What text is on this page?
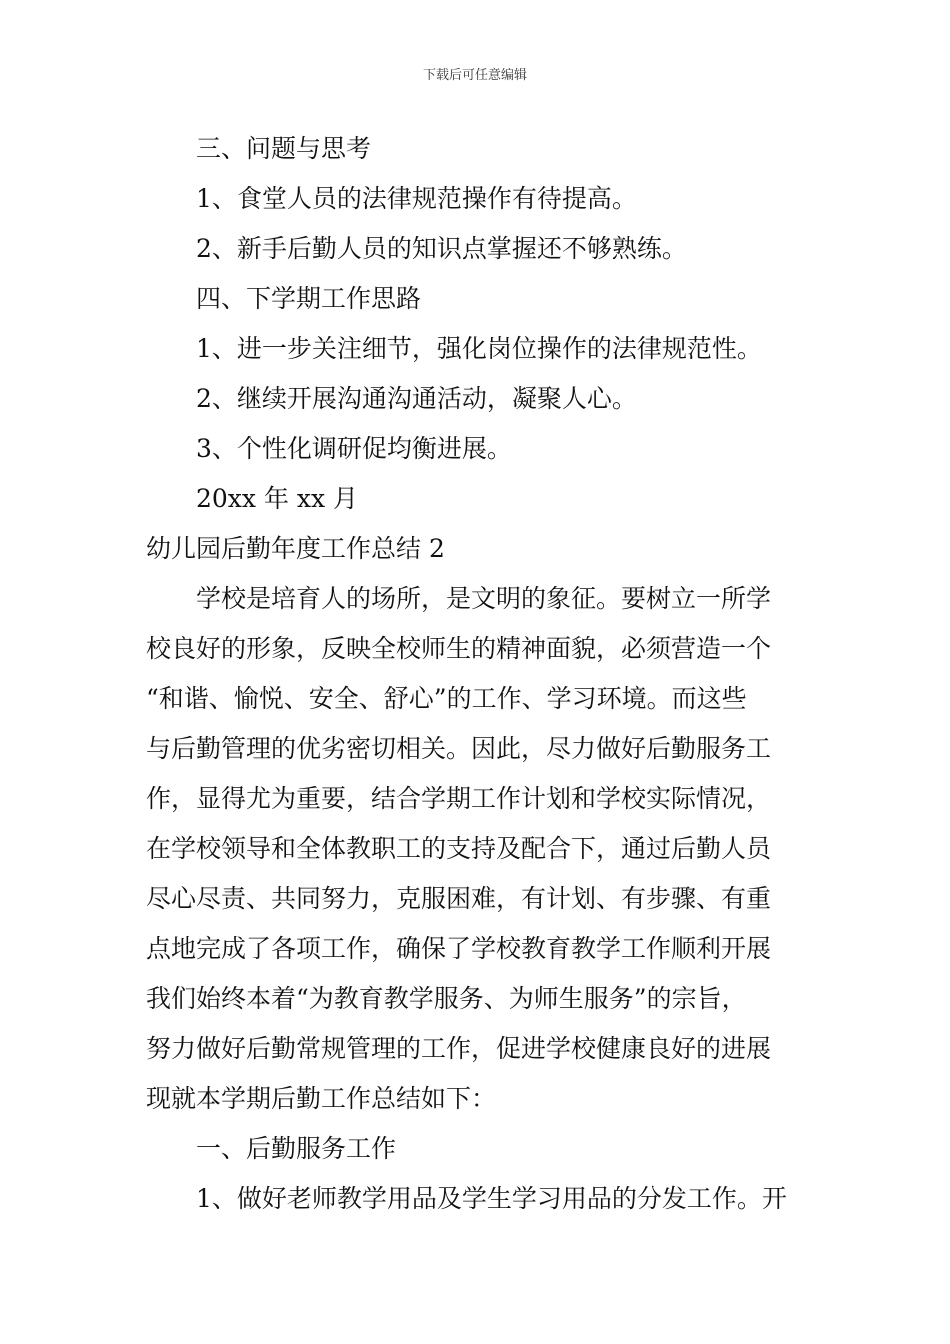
下载后可任意编辑
三、问题与思考
1、食堂人员的法律规范操作有待提高。
2、新手后勤人员的知识点掌握还不够熟练。
四、下学期工作思路
1、进一步关注细节，强化岗位操作的法律规范性。
2、继续开展沟通沟通活动，凝聚人心。
3、个性化调研促均衡进展。
20xx 年 xx 月
幼儿园后勤年度工作总结 2
学校是培育人的场所，是文明的象征。要树立一所学
校良好的形象，反映全校师生的精神面貌，必须营造一个
“和谐、愉悦、安全、舒心”的工作、学习环境。而这些
与后勤管理的优劣密切相关。因此，尽力做好后勤服务工
作，显得尤为重要，结合学期工作计划和学校实际情况，
在学校领导和全体教职工的支持及配合下，通过后勤人员
尽心尽责、共同努力，克服困难，有计划、有步骤、有重
点地完成了各项工作，确保了学校教育教学工作顺利开展
我们始终本着“为教育教学服务、为师生服务”的宗旨，
努力做好后勤常规管理的工作，促进学校健康良好的进展
现就本学期后勤工作总结如下：
一、后勤服务工作
1、做好老师教学用品及学生学习用品的分发工作。开
